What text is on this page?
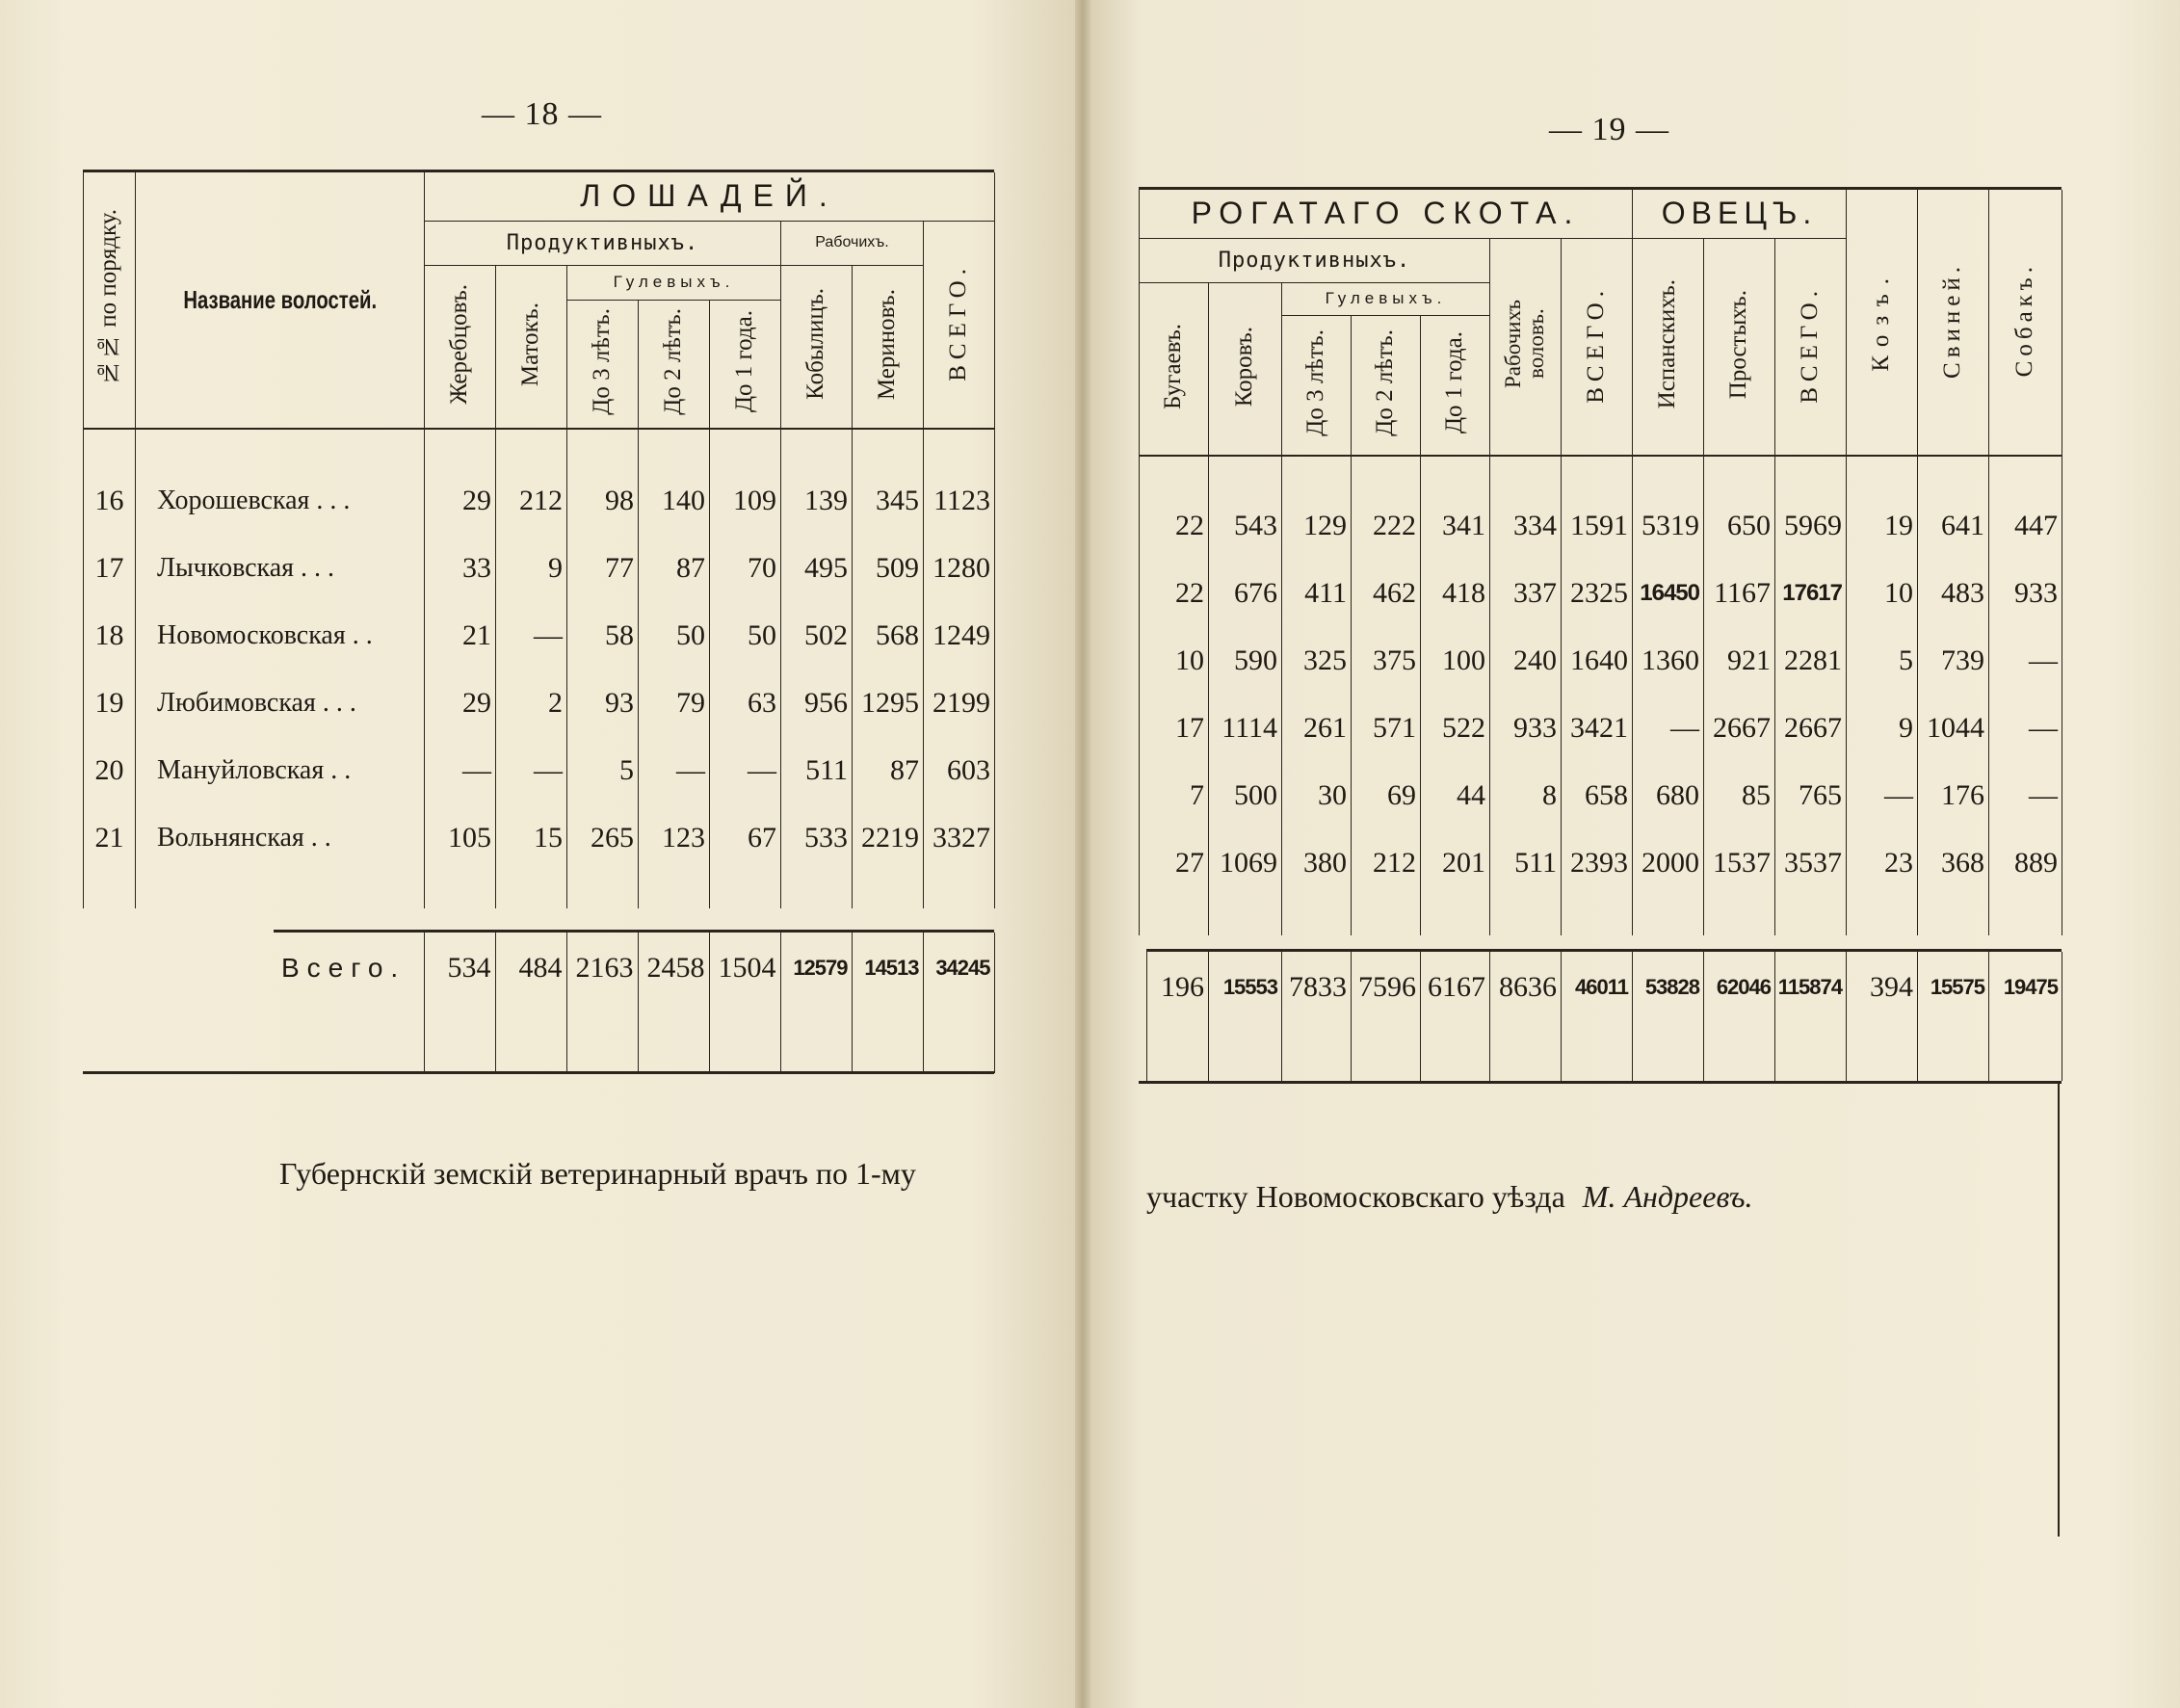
— 18 —
№№ по порядку.	Название волостей.	ЛОШАДЕЙ.							
		Продуктивныхъ.					Рабочихъ.		ВСЕГО.
		Жеребцовъ.	Матокъ.	Гулевыхъ.			Кобылицъ.	Мериновъ.	
				До 3 лѣтъ.	До 2 лѣтъ.	До 1 года.			

16	Хорошевская . . .	29	212	98	140	109	139	345	1123
17	Лычковская . . .	33	9	77	87	70	495	509	1280
18	Новомосковская . .	21	—	58	50	50	502	568	1249
19	Любимовская . . .	29	2	93	79	63	956	1295	2199
20	Мануйловская . .	—	—	5	—	—	511	87	603
21	Вольнянская . .	105	15	265	123	67	533	2219	3327

Всего.	534	484	2163	2458	1504	12579	14513	34245

Губернскій земскій ветеринарный врачъ по 1-му
— 19 —
РОГАТАГО СКОТА.							ОВЕЦЪ.			Козъ.	Свиней.	Собакъ.
Продуктивныхъ.					Рабочихъ воловъ.	ВСЕГО.	Испанскихъ.	Простыхъ.	ВСЕГО.			
Бугаевъ.	Коровъ.	Гулевыхъ.										
		До 3 лѣтъ.	До 2 лѣтъ.	До 1 года.								

22	543	129	222	341	334	1591	5319	650	5969	19	641	447
22	676	411	462	418	337	2325	16450	1167	17617	10	483	933
10	590	325	375	100	240	1640	1360	921	2281	5	739	—
17	1114	261	571	522	933	3421	—	2667	2667	9	1044	—
7	500	30	69	44	8	658	680	85	765	—	176	—
27	1069	380	212	201	511	2393	2000	1537	3537	23	368	889

196	15553	7833	7596	6167	8636	46011	53828	62046	115874	394	15575	19475

участку Новомосковскаго уѣзда М. Андреевъ.
